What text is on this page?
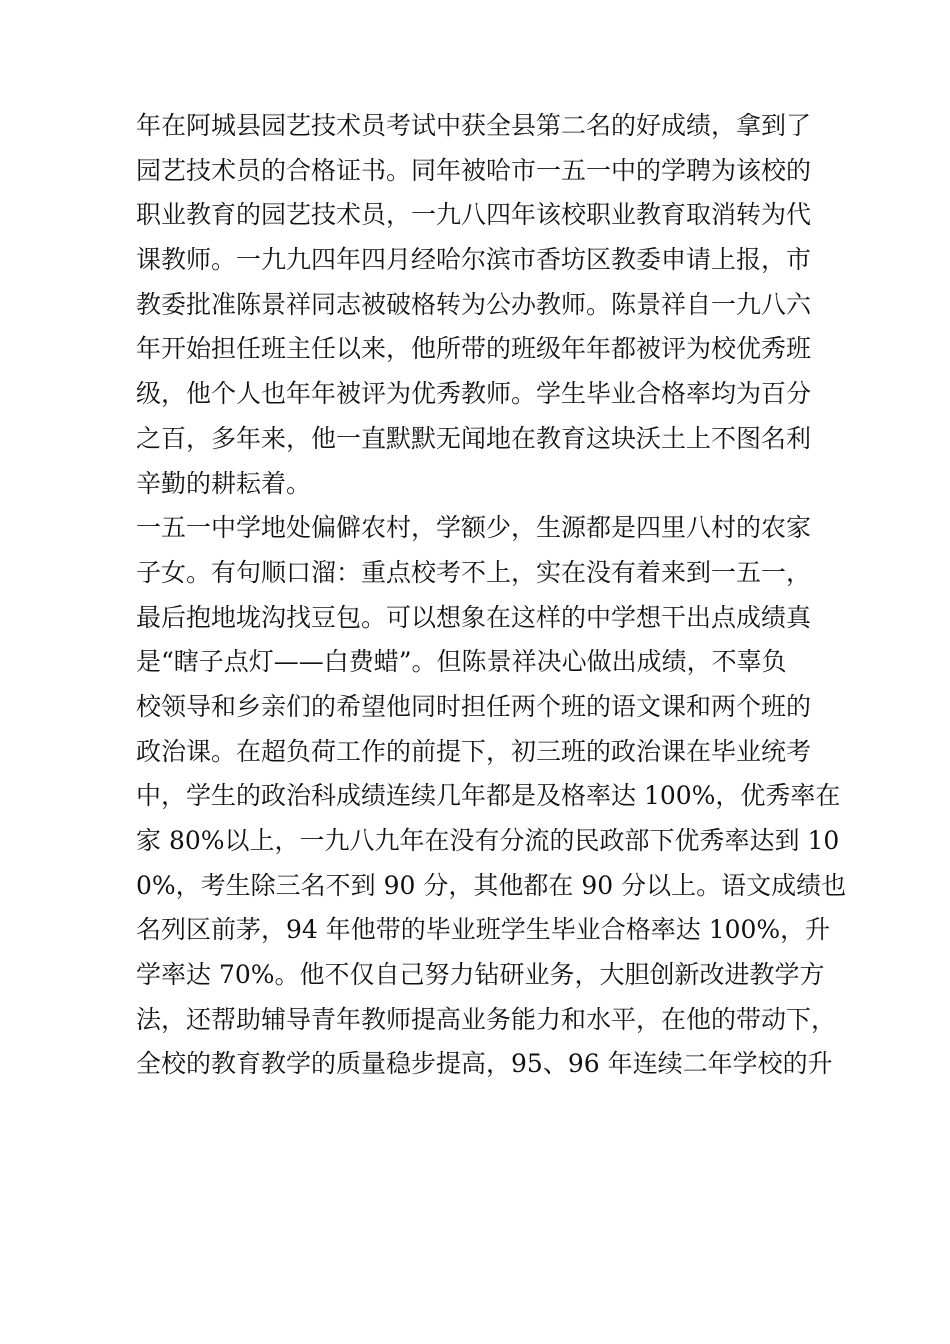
年在阿城县园艺技术员考试中获全县第二名的好成绩，拿到了
园艺技术员的合格证书。同年被哈市一五一中的学聘为该校的
职业教育的园艺技术员，一九八四年该校职业教育取消转为代
课教师。一九九四年四月经哈尔滨市香坊区教委申请上报，市
教委批准陈景祥同志被破格转为公办教师。陈景祥自一九八六
年开始担任班主任以来，他所带的班级年年都被评为校优秀班
级，他个人也年年被评为优秀教师。学生毕业合格率均为百分
之百，多年来，他一直默默无闻地在教育这块沃土上不图名利
辛勤的耕耘着。
一五一中学地处偏僻农村，学额少，生源都是四里八村的农家
子女。有句顺口溜：重点校考不上，实在没有着来到一五一，
最后抱地垅沟找豆包。可以想象在这样的中学想干出点成绩真
是“瞎子点灯——白费蜡”。但陈景祥决心做出成绩，不辜负
校领导和乡亲们的希望他同时担任两个班的语文课和两个班的
政治课。在超负荷工作的前提下，初三班的政治课在毕业统考
中，学生的政治科成绩连续几年都是及格率达 100%，优秀率在
家 80%以上，一九八九年在没有分流的民政部下优秀率达到 10
0%，考生除三名不到 90 分，其他都在 90 分以上。语文成绩也
名列区前茅，94 年他带的毕业班学生毕业合格率达 100%，升
学率达 70%。他不仅自己努力钻研业务，大胆创新改进教学方
法，还帮助辅导青年教师提高业务能力和水平，在他的带动下，
全校的教育教学的质量稳步提高，95、96 年连续二年学校的升
